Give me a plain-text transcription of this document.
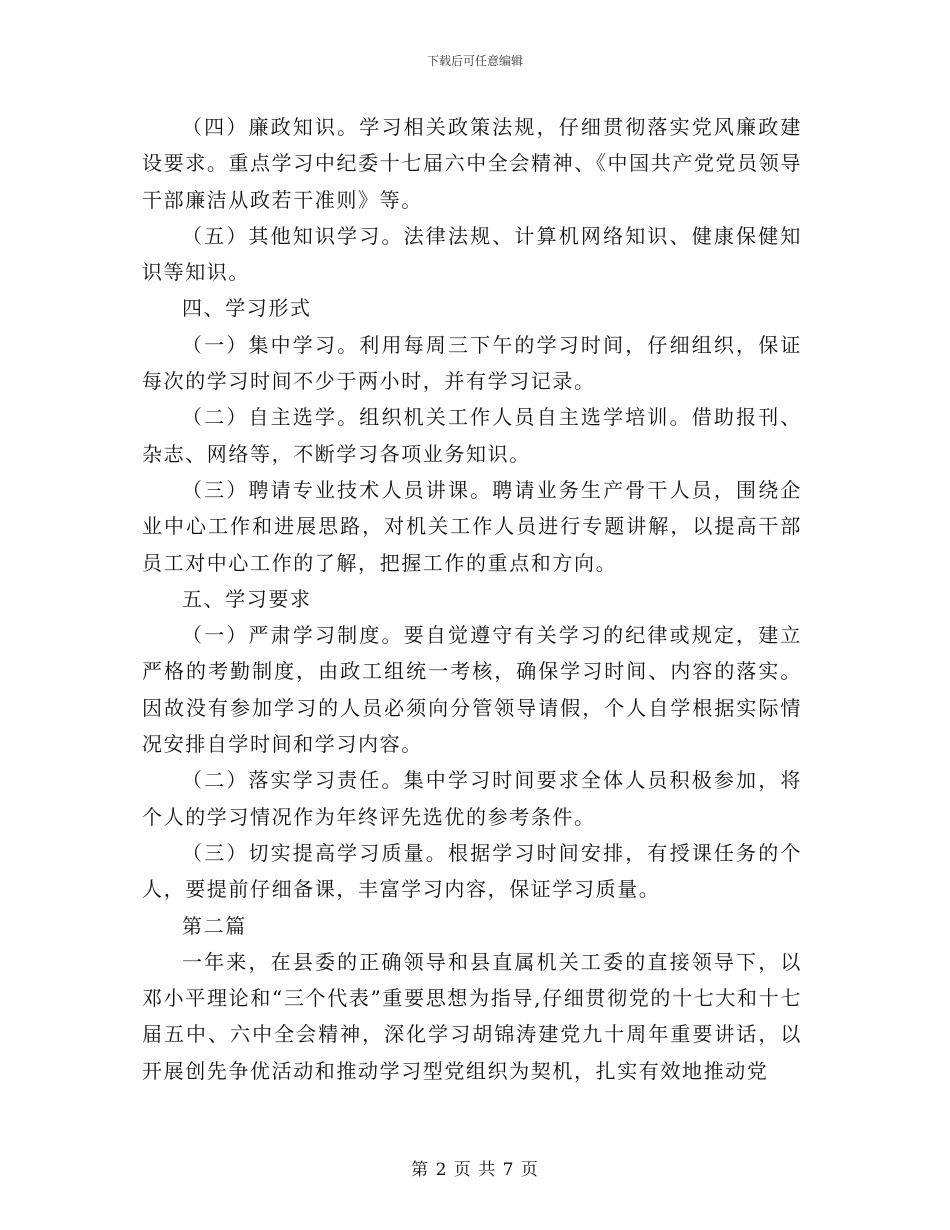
下载后可任意编辑

（四）廉政知识。学习相关政策法规，仔细贯彻落实党风廉政建设要求。重点学习中纪委十七届六中全会精神、《中国共产党党员领导干部廉洁从政若干准则》等。

（五）其他知识学习。法律法规、计算机网络知识、健康保健知识等知识。

四、学习形式

（一）集中学习。利用每周三下午的学习时间，仔细组织，保证每次的学习时间不少于两小时，并有学习记录。

（二）自主选学。组织机关工作人员自主选学培训。借助报刊、杂志、网络等，不断学习各项业务知识。

（三）聘请专业技术人员讲课。聘请业务生产骨干人员，围绕企业中心工作和进展思路，对机关工作人员进行专题讲解，以提高干部员工对中心工作的了解，把握工作的重点和方向。

五、学习要求

（一）严肃学习制度。要自觉遵守有关学习的纪律或规定，建立严格的考勤制度，由政工组统一考核，确保学习时间、内容的落实。因故没有参加学习的人员必须向分管领导请假，个人自学根据实际情况安排自学时间和学习内容。

（二）落实学习责任。集中学习时间要求全体人员积极参加，将个人的学习情况作为年终评先选优的参考条件。

（三）切实提高学习质量。根据学习时间安排，有授课任务的个人，要提前仔细备课，丰富学习内容，保证学习质量。

第二篇

一年来，在县委的正确领导和县直属机关工委的直接领导下，以邓小平理论和“三个代表”重要思想为指导,仔细贯彻党的十七大和十七届五中、六中全会精神，深化学习胡锦涛建党九十周年重要讲话，以开展创先争优活动和推动学习型党组织为契机，扎实有效地推动党

第 2 页 共 7 页
